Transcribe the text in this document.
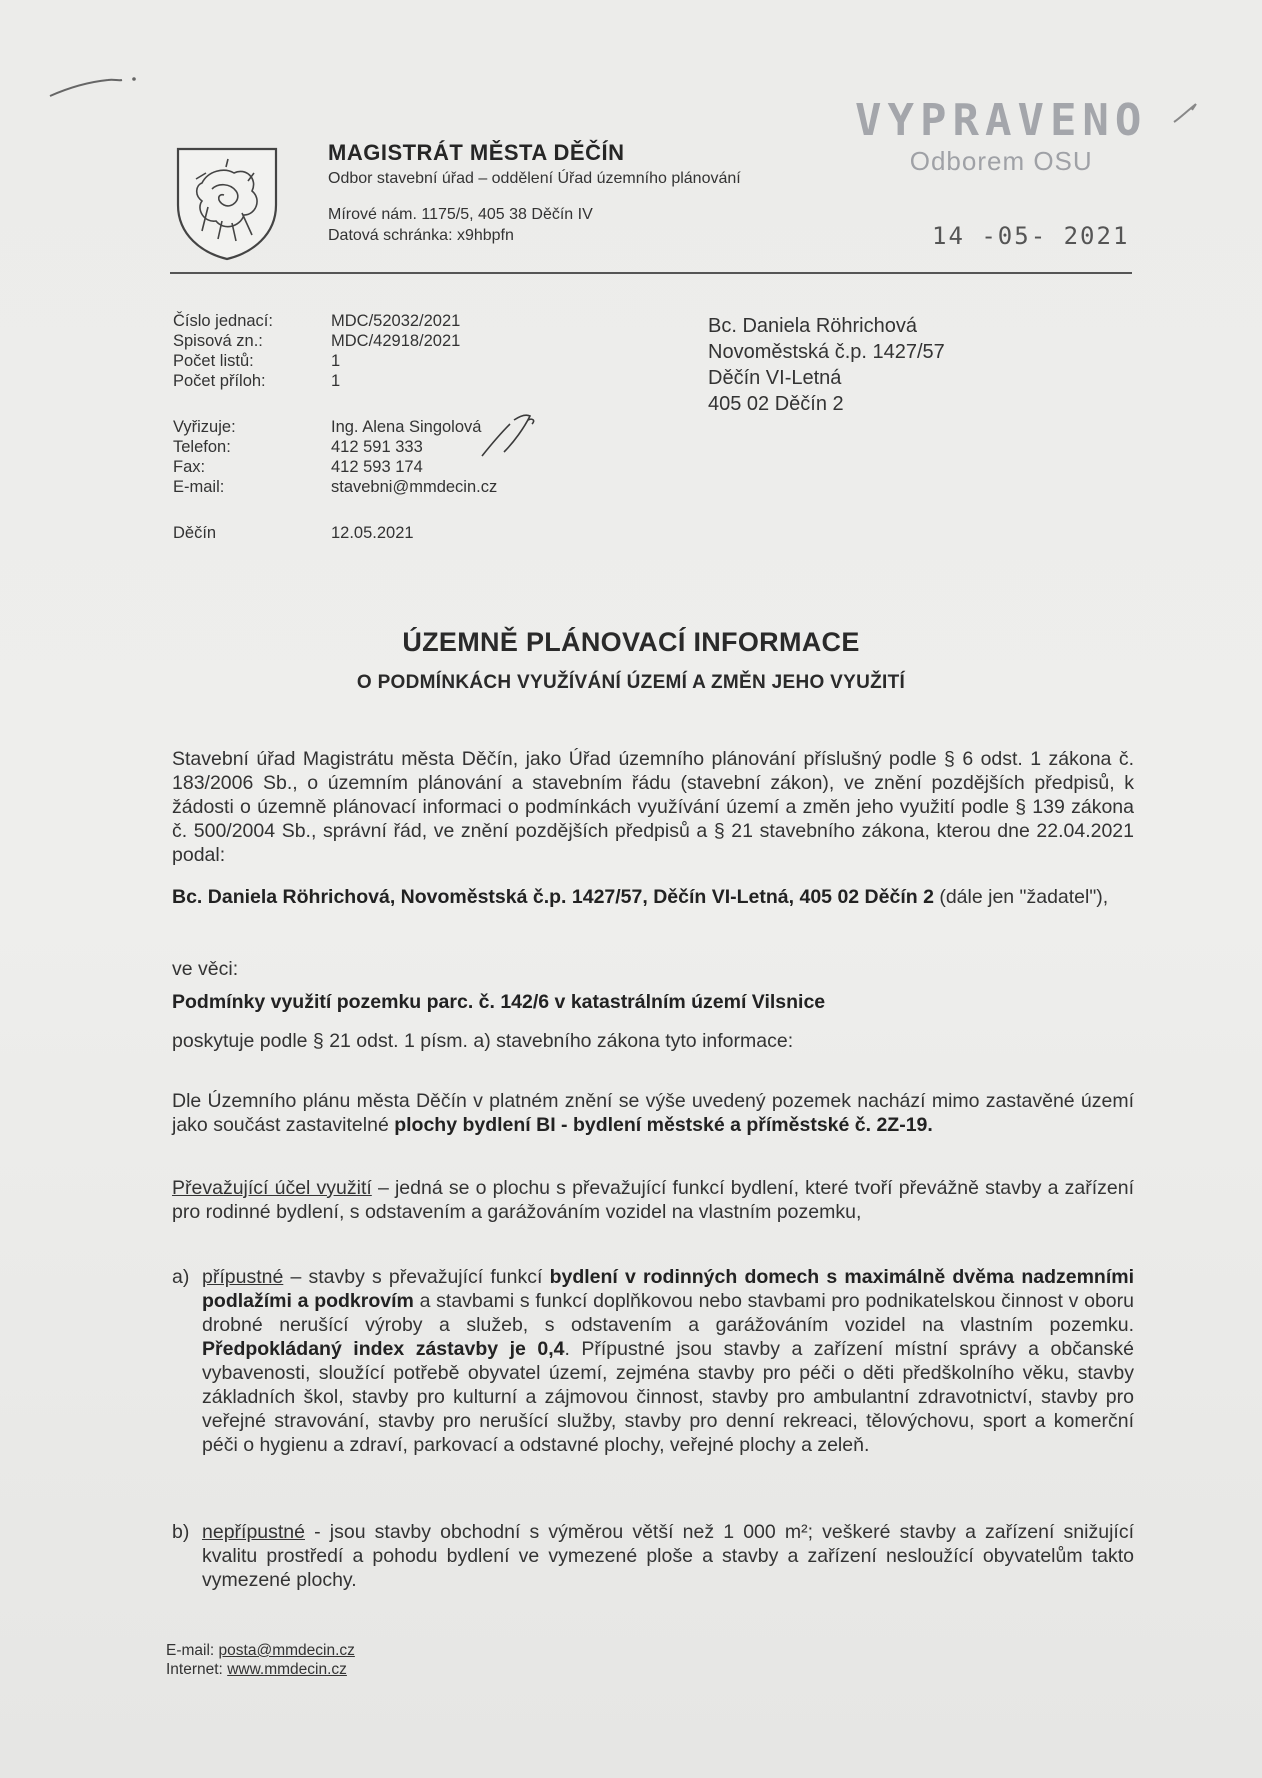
MAGISTRÁT MĚSTA DĚČÍN
Odbor stavební úřad – oddělení Úřad územního plánování
Mírové nám. 1175/5, 405 38 Děčín IV
Datová schránka: x9hbpfn
VYPRAVENO
Odborem OSU
14 -05- 2021
Číslo jednací:	MDC/52032/2021
Spisová zn.:	MDC/42918/2021
Počet listů:	1
Počet příloh:	1
Vyřizuje:	Ing. Alena Singolová
Telefon:	412 591 333
Fax:	412 593 174
E-mail:	stavebni@mmdecin.cz
Děčín	12.05.2021
Bc. Daniela Röhrichová
Novoměstská č.p. 1427/57
Děčín VI-Letná
405 02 Děčín 2
ÚZEMNĚ PLÁNOVACÍ INFORMACE
O PODMÍNKÁCH VYUŽÍVÁNÍ ÚZEMÍ A ZMĚN JEHO VYUŽITÍ
Stavební úřad Magistrátu města Děčín, jako Úřad územního plánování příslušný podle § 6 odst. 1 zákona č. 183/2006 Sb., o územním plánování a stavebním řádu (stavební zákon), ve znění pozdějších předpisů, k žádosti o územně plánovací informaci o podmínkách využívání území a změn jeho využití podle § 139 zákona č. 500/2004 Sb., správní řád, ve znění pozdějších předpisů a § 21 stavebního zákona, kterou dne 22.04.2021 podal:
Bc. Daniela Röhrichová, Novoměstská č.p. 1427/57, Děčín VI-Letná, 405 02 Děčín 2 (dále jen "žadatel"),
ve věci:
Podmínky využití pozemku parc. č. 142/6 v katastrálním území Vilsnice
poskytuje podle § 21 odst. 1 písm. a) stavebního zákona tyto informace:
Dle Územního plánu města Děčín v platném znění se výše uvedený pozemek nachází mimo zastavěné území jako součást zastavitelné plochy bydlení BI - bydlení městské a příměstské č. 2Z-19.
Převažující účel využití – jedná se o plochu s převažující funkcí bydlení, které tvoří převážně stavby a zařízení pro rodinné bydlení, s odstavením a garážováním vozidel na vlastním pozemku,
a) přípustné – stavby s převažující funkcí bydlení v rodinných domech s maximálně dvěma nadzemními podlažími a podkrovím a stavbami s funkcí doplňkovou nebo stavbami pro podnikatelskou činnost v oboru drobné nerušící výroby a služeb, s odstavením a garážováním vozidel na vlastním pozemku. Předpokládaný index zástavby je 0,4. Přípustné jsou stavby a zařízení místní správy a občanské vybavenosti, sloužící potřebě obyvatel území, zejména stavby pro péči o děti předškolního věku, stavby základních škol, stavby pro kulturní a zájmovou činnost, stavby pro ambulantní zdravotnictví, stavby pro veřejné stravování, stavby pro nerušící služby, stavby pro denní rekreaci, tělovýchovu, sport a komerční péči o hygienu a zdraví, parkovací a odstavné plochy, veřejné plochy a zeleň.
b) nepřípustné - jsou stavby obchodní s výměrou větší než 1 000 m²; veškeré stavby a zařízení snižující kvalitu prostředí a pohodu bydlení ve vymezené ploše a stavby a zařízení nesloužící obyvatelům takto vymezené plochy.
E-mail: posta@mmdecin.cz
Internet: www.mmdecin.cz
